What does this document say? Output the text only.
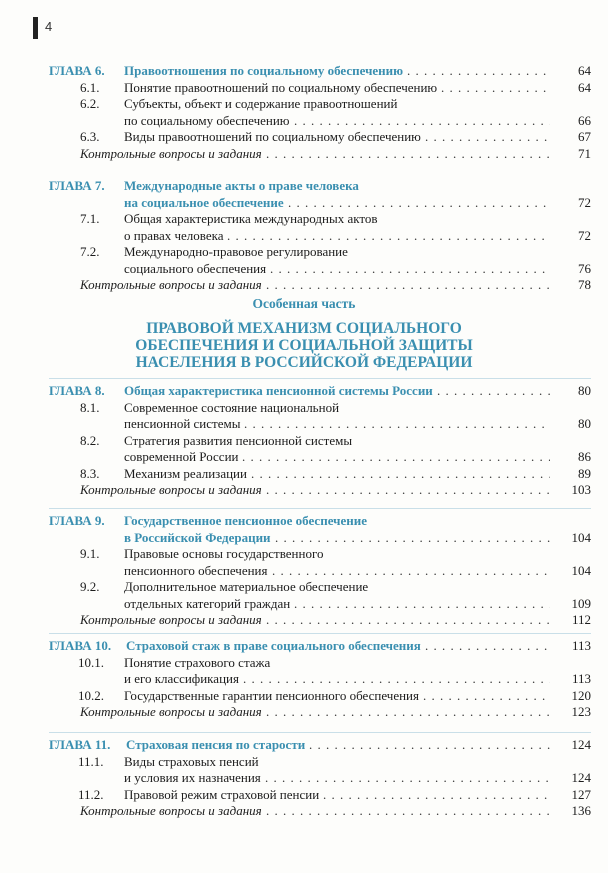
4
Особенная часть
ПРАВОВОЙ МЕХАНИЗМ СОЦИАЛЬНОГО
ОБЕСПЕЧЕНИЯ И СОЦИАЛЬНОЙ ЗАЩИТЫ
НАСЕЛЕНИЯ В РОССИЙСКОЙ ФЕДЕРАЦИИ
ГЛАВА 6. Правоотношения по социальному обеспечению	64
. . .
6.1. Понятие правоотношений по социальному обеспечению	64
. . .
6.2. Субъекты, объект и содержание правоотношений
по социальному обеспечению	66
. . .
6.3. Виды правоотношений по социальному обеспечению	67
. . .
Контрольные вопросы и задания	71
. . .
ГЛАВА 7. Международные акты о праве человека
на социальное обеспечение	72
. . .
7.1. Общая характеристика международных актов
о правах человека	72
. . .
7.2. Международно-правовое регулирование
социального обеспечения	76
. . .
Контрольные вопросы и задания	78
. . .
ГЛАВА 8. Общая характеристика пенсионной системы России	80
. . .
8.1. Современное состояние национальной
пенсионной системы	80
. . .
8.2. Стратегия развития пенсионной системы
современной России	86
. . .
8.3. Механизм реализации	89
. . .
Контрольные вопросы и задания	103
. . .
ГЛАВА 9. Государственное пенсионное обеспечение
в Российской Федерации	104
. . .
9.1. Правовые основы государственного
пенсионного обеспечения	104
. . .
9.2. Дополнительное материальное обеспечение
отдельных категорий граждан	109
. . .
Контрольные вопросы и задания	112
. . .
ГЛАВА 10. Страховой стаж в праве социального обеспечения	113
. . .
10.1. Понятие страхового стажа
и его классификация	113
. . .
10.2. Государственные гарантии пенсионного обеспечения	120
. . .
Контрольные вопросы и задания	123
. . .
ГЛАВА 11. Страховая пенсия по старости	124
. . .
11.1. Виды страховых пенсий
и условия их назначения	124
. . .
11.2. Правовой режим страховой пенсии	127
. . .
Контрольные вопросы и задания	136
. . .
